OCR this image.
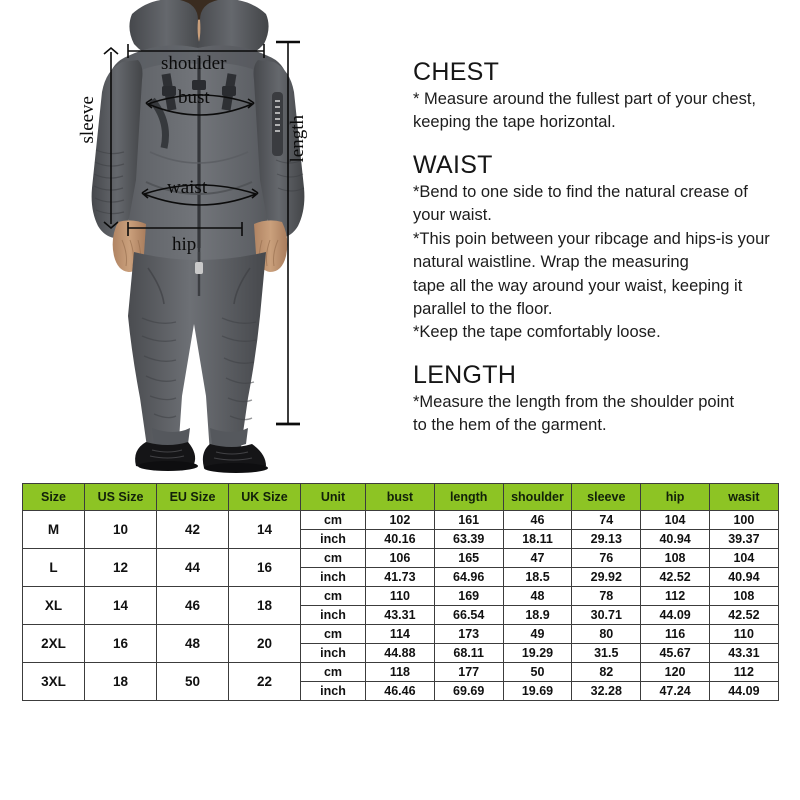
shoulder
bust
waist
hip
sleeve	length
CHEST

* Measure around the fullest part of your chest,

keeping the tape horizontal.

WAIST

*Bend to one side to find the natural crease of

your waist.

*This poin between your ribcage and hips-is your

natural waistline. Wrap the measuring

tape all the way around your waist, keeping it

parallel to the floor.

*Keep the tape comfortably loose.

LENGTH

*Measure the length from the shoulder point

to the hem of the garment.

Size	US Size	EU Size	UK Size	Unit	bust	length	shoulder	sleeve	hip	wasit
M	10	42	14	cm	102	161	46	74	104	100
				inch	40.16	63.39	18.11	29.13	40.94	39.37
L	12	44	16	cm	106	165	47	76	108	104
				inch	41.73	64.96	18.5	29.92	42.52	40.94
XL	14	46	18	cm	110	169	48	78	112	108
				inch	43.31	66.54	18.9	30.71	44.09	42.52
2XL	16	48	20	cm	114	173	49	80	116	110
				inch	44.88	68.11	19.29	31.5	45.67	43.31
3XL	18	50	22	cm	118	177	50	82	120	112
				inch	46.46	69.69	19.69	32.28	47.24	44.09
